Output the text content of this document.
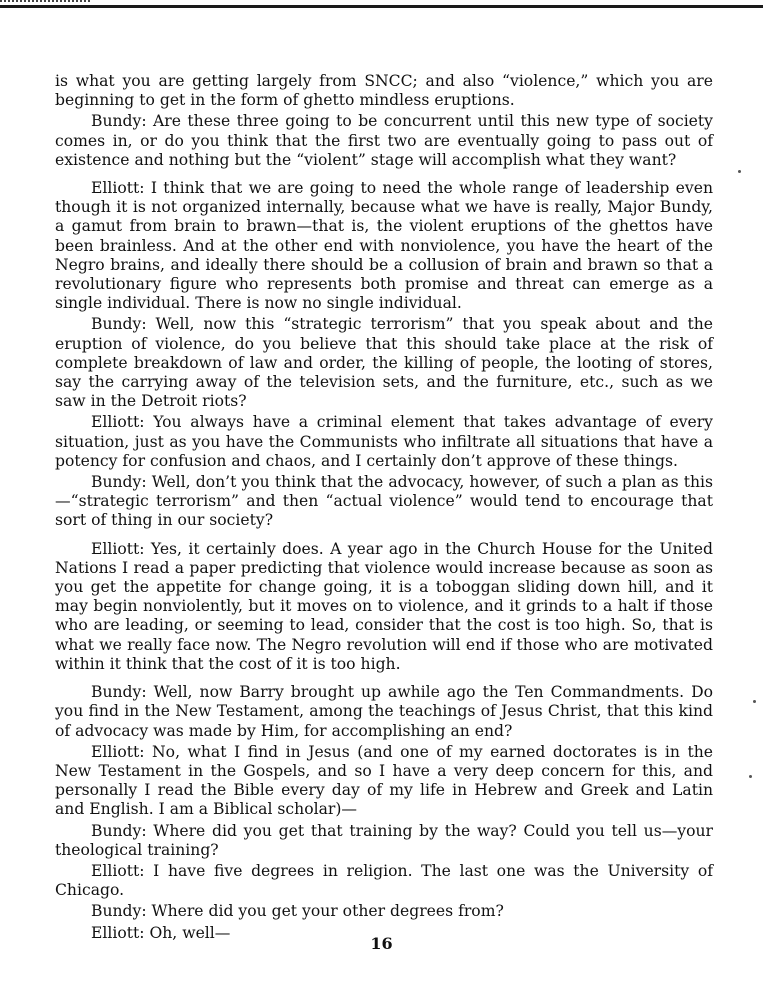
is what you are getting largely from SNCC; and also “violence,” which you are beginning to get in the form of ghetto mindless eruptions.

Bundy: Are these three going to be concurrent until this new type of society comes in, or do you think that the first two are eventually going to pass out of existence and nothing but the “violent” stage will accomplish what they want?

Elliott: I think that we are going to need the whole range of leadership even though it is not organized internally, because what we have is really, Major Bundy, a gamut from brain to brawn—that is, the violent eruptions of the ghettos have been brainless. And at the other end with nonviolence, you have the heart of the Negro brains, and ideally there should be a collusion of brain and brawn so that a revolutionary figure who represents both promise and threat can emerge as a single individual. There is now no single individual.

Bundy: Well, now this “strategic terrorism” that you speak about and the eruption of violence, do you believe that this should take place at the risk of complete breakdown of law and order, the killing of people, the looting of stores, say the carrying away of the television sets, and the furniture, etc., such as we saw in the Detroit riots?

Elliott: You always have a criminal element that takes advantage of every situation, just as you have the Communists who infiltrate all situations that have a potency for confusion and chaos, and I certainly don’t approve of these things.

Bundy: Well, don’t you think that the advocacy, however, of such a plan as this—“strategic terrorism” and then “actual violence” would tend to encourage that sort of thing in our society?

Elliott: Yes, it certainly does. A year ago in the Church House for the United Nations I read a paper predicting that violence would increase because as soon as you get the appetite for change going, it is a toboggan sliding down hill, and it may begin nonviolently, but it moves on to violence, and it grinds to a halt if those who are leading, or seeming to lead, consider that the cost is too high. So, that is what we really face now. The Negro revolution will end if those who are motivated within it think that the cost of it is too high.

Bundy: Well, now Barry brought up awhile ago the Ten Commandments. Do you find in the New Testament, among the teachings of Jesus Christ, that this kind of advocacy was made by Him, for accomplishing an end?

Elliott: No, what I find in Jesus (and one of my earned doctorates is in the New Testament in the Gospels, and so I have a very deep concern for this, and personally I read the Bible every day of my life in Hebrew and Greek and Latin and English. I am a Biblical scholar)—

Bundy: Where did you get that training by the way? Could you tell us—your theological training?

Elliott: I have five degrees in religion. The last one was the University of Chicago.

Bundy: Where did you get your other degrees from?

Elliott: Oh, well—

16
